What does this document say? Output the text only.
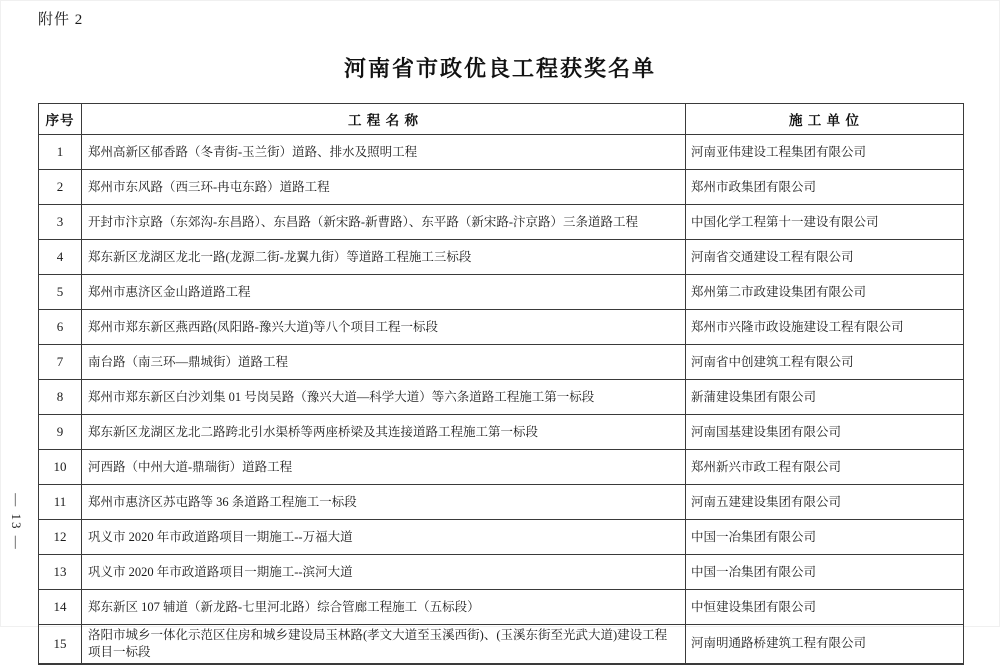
附件 2
河南省市政优良工程获奖名单
序号	工 程 名 称	施 工 单 位
1	郑州高新区郁香路（冬青街-玉兰街）道路、排水及照明工程	河南亚伟建设工程集团有限公司
2	郑州市东风路（西三环-冉屯东路）道路工程	郑州市政集团有限公司
3	开封市汴京路（东郊沟-东昌路）、东昌路（新宋路-新曹路）、东平路（新宋路-汴京路）三条道路工程	中国化学工程第十一建设有限公司
4	郑东新区龙湖区龙北一路(龙源二街-龙翼九街）等道路工程施工三标段	河南省交通建设工程有限公司
5	郑州市惠济区金山路道路工程	郑州第二市政建设集团有限公司
6	郑州市郑东新区燕西路(凤阳路-豫兴大道)等八个项目工程一标段	郑州市兴隆市政设施建设工程有限公司
7	南台路（南三环—鼎城街）道路工程	河南省中创建筑工程有限公司
8	郑州市郑东新区白沙刘集 01 号岗吴路（豫兴大道—科学大道）等六条道路工程施工第一标段	新蒲建设集团有限公司
9	郑东新区龙湖区龙北二路跨北引水渠桥等两座桥梁及其连接道路工程施工第一标段	河南国基建设集团有限公司
10	河西路（中州大道-鼎瑞街）道路工程	郑州新兴市政工程有限公司
11	郑州市惠济区苏屯路等 36 条道路工程施工一标段	河南五建建设集团有限公司
12	巩义市 2020 年市政道路项目一期施工--万福大道	中国一冶集团有限公司
13	巩义市 2020 年市政道路项目一期施工--滨河大道	中国一冶集团有限公司
14	郑东新区 107 辅道（新龙路-七里河北路）综合管廊工程施工（五标段）	中恒建设集团有限公司
15	洛阳市城乡一体化示范区住房和城乡建设局玉林路(孝文大道至玉溪西街)、(玉溪东街至光武大道)建设工程项目一标段	河南明通路桥建筑工程有限公司
— 13 —
